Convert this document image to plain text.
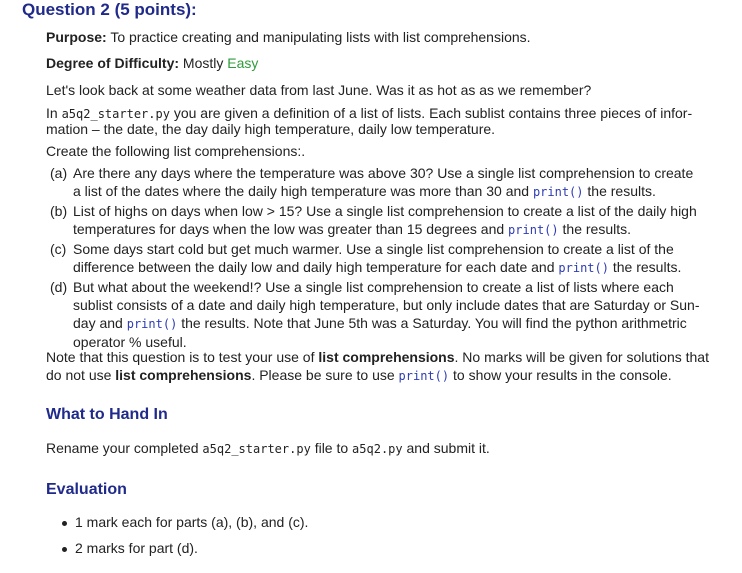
Question 2 (5 points):
Purpose: To practice creating and manipulating lists with list comprehensions.
Degree of Difficulty: Mostly Easy
Let's look back at some weather data from last June. Was it as hot as as we remember?
In a5q2_starter.py you are given a definition of a list of lists. Each sublist contains three pieces of infor-
mation – the date, the day daily high temperature, daily low temperature.
Create the following list comprehensions:.
(a) Are there any days where the temperature was above 30? Use a single list comprehension to create
a list of the dates where the daily high temperature was more than 30 and print() the results.
(b) List of highs on days when low > 15? Use a single list comprehension to create a list of the daily high
temperatures for days when the low was greater than 15 degrees and print() the results.
(c) Some days start cold but get much warmer. Use a single list comprehension to create a list of the
difference between the daily low and daily high temperature for each date and print() the results.
(d) But what about the weekend!? Use a single list comprehension to create a list of lists where each
sublist consists of a date and daily high temperature, but only include dates that are Saturday or Sun-
day and print() the results. Note that June 5th was a Saturday. You will find the python arithmetric
operator % useful.
Note that this question is to test your use of list comprehensions. No marks will be given for solutions that
do not use list comprehensions. Please be sure to use print() to show your results in the console.
What to Hand In
Rename your completed a5q2_starter.py file to a5q2.py and submit it.
Evaluation
1 mark each for parts (a), (b), and (c).
2 marks for part (d).
